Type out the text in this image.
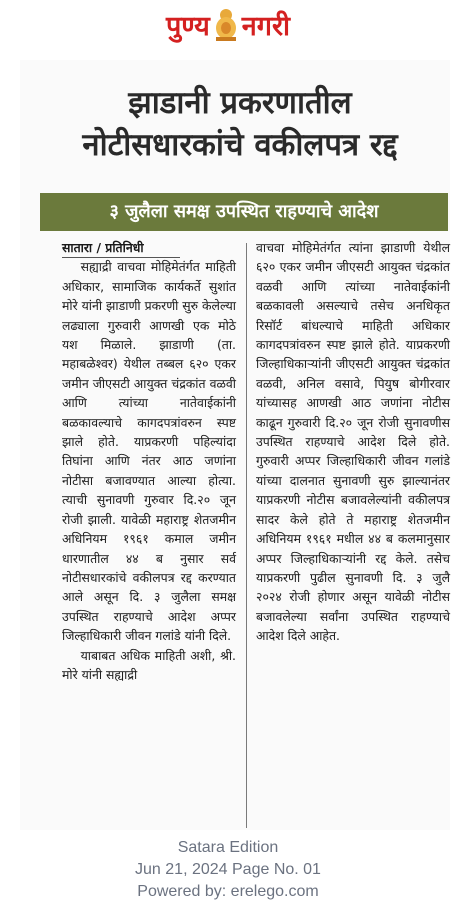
पुण्य नगरी
झाडानी प्रकरणातील
नोटीसधारकांचे वकीलपत्र रद्द
३ जुलैला समक्ष उपस्थित राहण्याचे आदेश
सातारा / प्रतिनिधी

सह्याद्री वाचवा मोहिमेतंर्गत माहिती अधिकार, सामाजिक कार्यकर्ते सुशांत मोरे यांनी झाडाणी प्रकरणी सुरु केलेल्या लढ्याला गुरुवारी आणखी एक मोठे यश मिळाले. झाडाणी (ता. महाबळेश्वर) येथील तब्बल ६२० एकर जमीन जीएसटी आयुक्त चंद्रकांत वळवी आणि त्यांच्या नातेवाईकांनी बळकावल्याचे कागदपत्रांवरुन स्पष्ट झाले होते. याप्रकरणी पहिल्यांदा तिघांना आणि नंतर आठ जणांना नोटीसा बजावण्यात आल्या होत्या. त्याची सुनावणी गुरुवार दि.२० जून रोजी झाली. यावेळी महाराष्ट्र शेतजमीन अधिनियम १९६१ कमाल जमीन धारणातील ४४ ब नुसार सर्व नोटीसधारकांचे वकीलपत्र रद्द करण्यात आले असून दि. ३ जुलैला समक्ष उपस्थित राहण्याचे आदेश अप्पर जिल्हाधिकारी जीवन गलांडे यांनी दिले.

याबाबत अधिक माहिती अशी, श्री. मोरे यांनी सह्याद्री

वाचवा मोहिमेतंर्गत त्यांना झाडाणी येथील ६२० एकर जमीन जीएसटी आयुक्त चंद्रकांत वळवी आणि त्यांच्या नातेवाईकांनी बळकावली असल्याचे तसेच अनधिकृत रिसॉर्ट बांधल्याचे माहिती अधिकार कागदपत्रांवरुन स्पष्ट झाले होते. याप्रकरणी जिल्हाधिकाऱ्यांनी जीएसटी आयुक्त चंद्रकांत वळवी, अनिल वसावे, पियुष बोगीरवार यांच्यासह आणखी आठ जणांना नोटीस काढून गुरुवारी दि.२० जून रोजी सुनावणीस उपस्थित राहण्याचे आदेश दिले होते. गुरुवारी अप्पर जिल्हाधिकारी जीवन गलांडे यांच्या दालनात सुनावणी सुरु झाल्यानंतर याप्रकरणी नोटीस बजावलेल्यांनी वकीलपत्र सादर केले होते ते महाराष्ट्र शेतजमीन अधिनियम १९६१ मधील ४४ ब कलमानुसार अप्पर जिल्हाधिकाऱ्यांनी रद्द केले. तसेच याप्रकरणी पुढील सुनावणी दि. ३ जुलै २०२४ रोजी होणार असून यावेळी नोटीस बजावलेल्या सर्वांना उपस्थित राहण्याचे आदेश दिले आहेत.

Satara Edition
Jun 21, 2024 Page No. 01
Powered by: erelego.com
